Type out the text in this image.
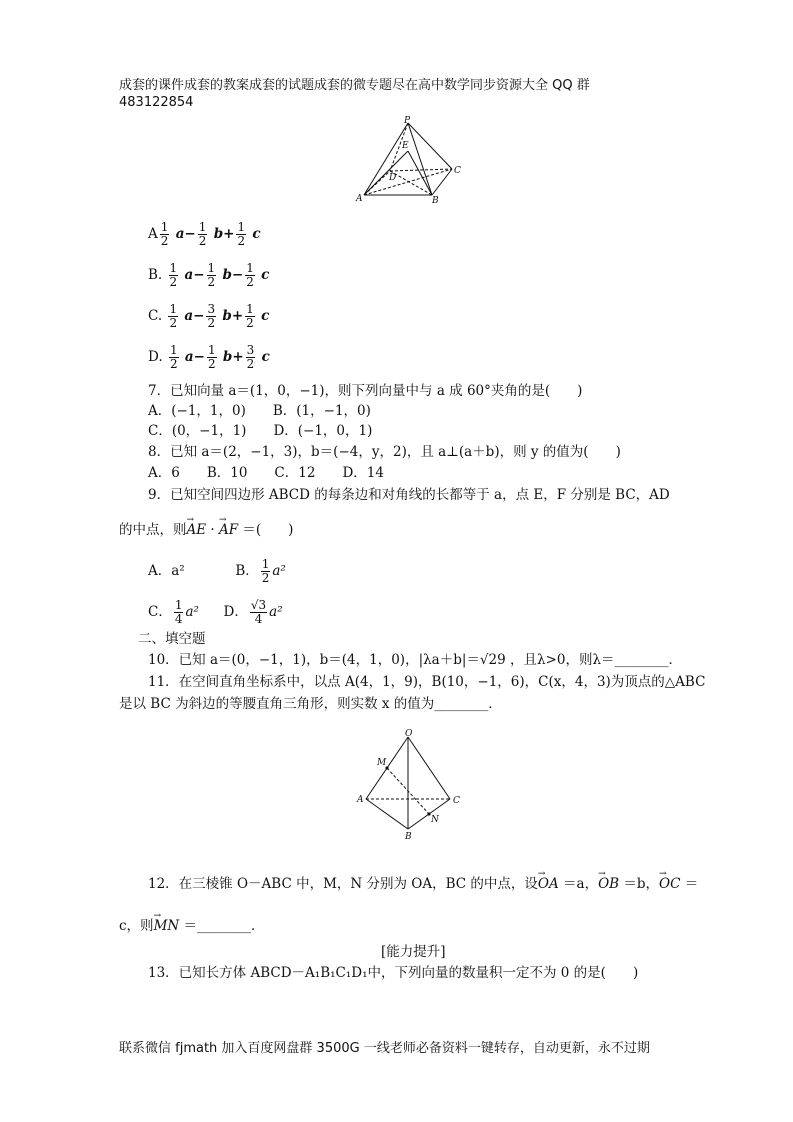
成套的课件成套的教案成套的试题成套的微专题尽在高中数学同步资源大全 QQ 群
483122854
P
E
D
C
A	B
A $\frac{1}{2} a- \frac{1}{2} b+ \frac{1}{2}$ c
B. $\frac{1}{2} a- \frac{1}{2} b- \frac{1}{2}$ c
C. $\frac{1}{2} a- \frac{3}{2} b+ \frac{1}{2}$ c
D. $\frac{1}{2} a- \frac{1}{2} b+ \frac{3}{2}$ c
7．已知向量 a＝(1，0，−1)，则下列向量中与 a 成 60°夹角的是(　　)
A．(−1，1，0)　　B．(1，−1，0)
C．(0，−1，1)　　D．(−1，0，1)
8．已知 a＝(2，−1，3)，b＝(−4，y，2)，且 a⊥(a＋b)，则 y 的值为(　　)
A．6　　B．10　　C．12　　D．14
9．已知空间四边形 ABCD 的每条边和对角线的长都等于 a，点 E，F 分别是 BC，AD
的中点，则→ AE · → AF ＝(　　)
A．a²	B． $\frac{1}{2} a^2$
C． $\frac{1}{4} a^2$ D． $\frac{√3}{4} a^2$
二、填空题
10．已知 a＝(0，−1，1)，b＝(4，1，0)，|λa＋b|＝√29 ，且λ>0，则λ＝________．
11．在空间直角坐标系中，以点 A(4，1，9)，B(10，−1，6)，C(x，4，3)为顶点的△ABC
是以 BC 为斜边的等腰直角三角形，则实数 x 的值为________．
O
M
A	C
N
B
12．在三棱锥 O－ABC 中，M，N 分别为 OA，BC 的中点，设→ OA ＝a，→ OB ＝b，→ OC ＝
c，则→ MN ＝________．
[能力提升]
13．已知长方体 ABCD－A₁B₁C₁D₁中，下列向量的数量积一定不为 0 的是(　　)
联系微信 fjmath 加入百度网盘群 3500G 一线老师必备资料一键转存，自动更新，永不过期
